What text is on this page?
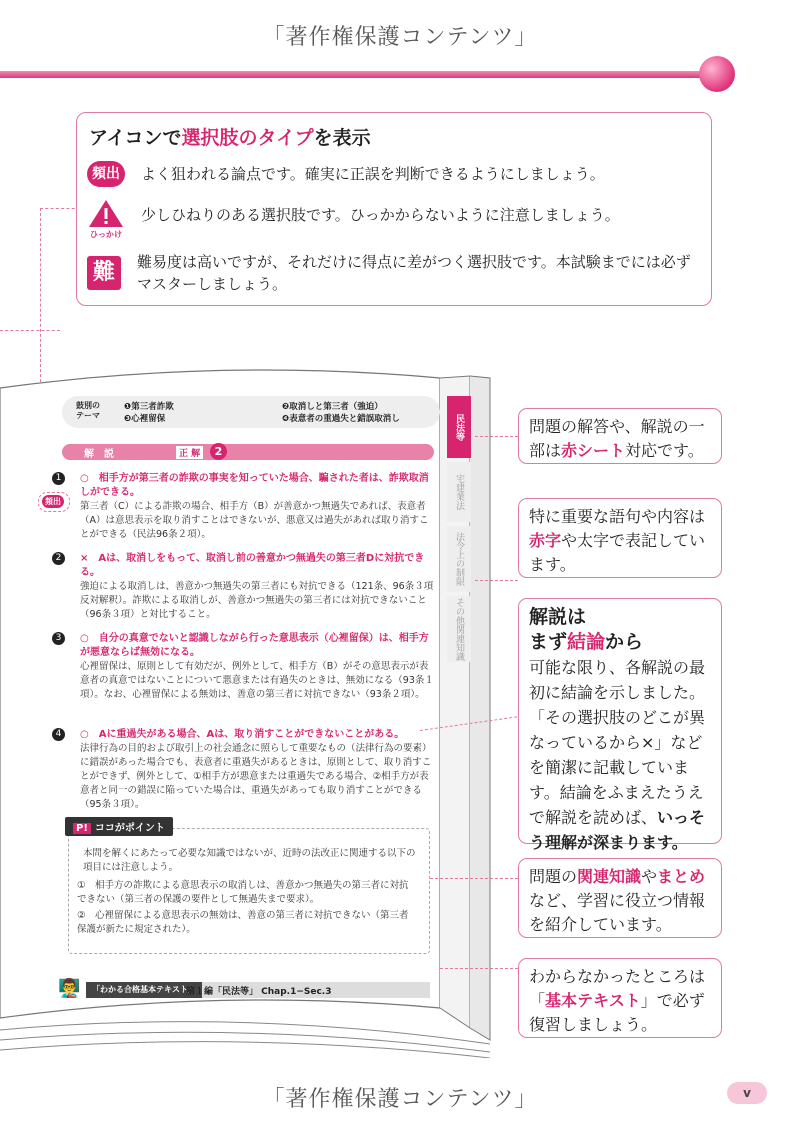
「著作権保護コンテンツ」
「著作権保護コンテンツ」
アイコンで選択肢のタイプを表示
頻出	よく狙われる論点です。確実に正誤を判断できるようにしましょう。
ひっかけ
少しひねりのある選択肢です。ひっかからないように注意しましょう。
難	難易度は高いですが、それだけに得点に差がつく選択肢です。本試験までには必ずマスターしましょう。
鼓別の
テーマ
❶第三者詐欺
❸心裡留保
❷取消しと第三者（強迫）
❹表意者の重過失と錯誤取消し	民法等
宅建業法
法令上の制限
その他関連知識
解　説	正 解	2
頻出
1	○　 相手方が第三者の詐欺の事実を知っていた場合、騙された者は、詐欺取消しができる。
第三者（C）による詐欺の場合、相手方（B）が善意かつ無過失であれば、表意者（A）は意思表示を取り消すことはできないが、悪意又は過失があれば取り消すことができる（民法96条２項）。
2	×　 Aは、取消しをもって、取消し前の善意かつ無過失の第三者Dに対抗できる。
強迫による取消しは、善意かつ無過失の第三者にも対抗できる（121条、96条３項反対解釈）。詐欺による取消しが、善意かつ無過失の第三者には対抗できないこと（96条３項）と対比すること。
3	○　 自分の真意でないと認識しながら行った意思表示（心裡留保）は、相手方が悪意ならば無効になる。
心裡留保は、原則として有効だが、例外として、相手方（B）がその意思表示が表意者の真意ではないことについて悪意または有過失のときは、無効になる（93条１項）。なお、心裡留保による無効は、善意の第三者に対抗できない（93条２項）。
4	○　 Aに重過失がある場合、Aは、取り消すことができないことがある。
法律行為の目的および取引上の社会通念に照らして重要なもの（法律行為の要素）に錯誤があった場合でも、表意者に重過失があるときは、原則として、取り消すことができず、例外として、①相手方が悪意または重過失である場合、②相手方が表意者と同一の錯誤に陥っていた場合は、重過失があっても取り消すことができる（95条３項）。
P! ココがポイント
本問を解くにあたって必要な知識ではないが、近時の法改正に関連する以下の項目には注意しよう。
①　相手方の詐欺による意思表示の取消しは、善意かつ無過失の第三者に対抗できない（第三者の保護の要件として無過失まで要求）。
②　心裡留保による意思表示の無効は、善意の第三者に対抗できない（第三者保護が新たに規定された）。
👨‍🏫	「わかる合格基本テキスト」
第１編「民法等」 Chap.1−Sec.3
問題の解答や、解説の一部は赤シート対応です。
特に重要な語句や内容は赤字や太字で表記しています。
解説は
まず結論から
可能な限り、各解説の最初に結論を示しました。「その選択肢のどこが異なっているから×」などを簡潔に記載しています。結論をふまえたうえで解説を読めば、いっそう理解が深まります。
問題の関連知識やまとめなど、学習に役立つ情報を紹介しています。
わからなかったところは「基本テキスト」で必ず復習しましょう。
v
